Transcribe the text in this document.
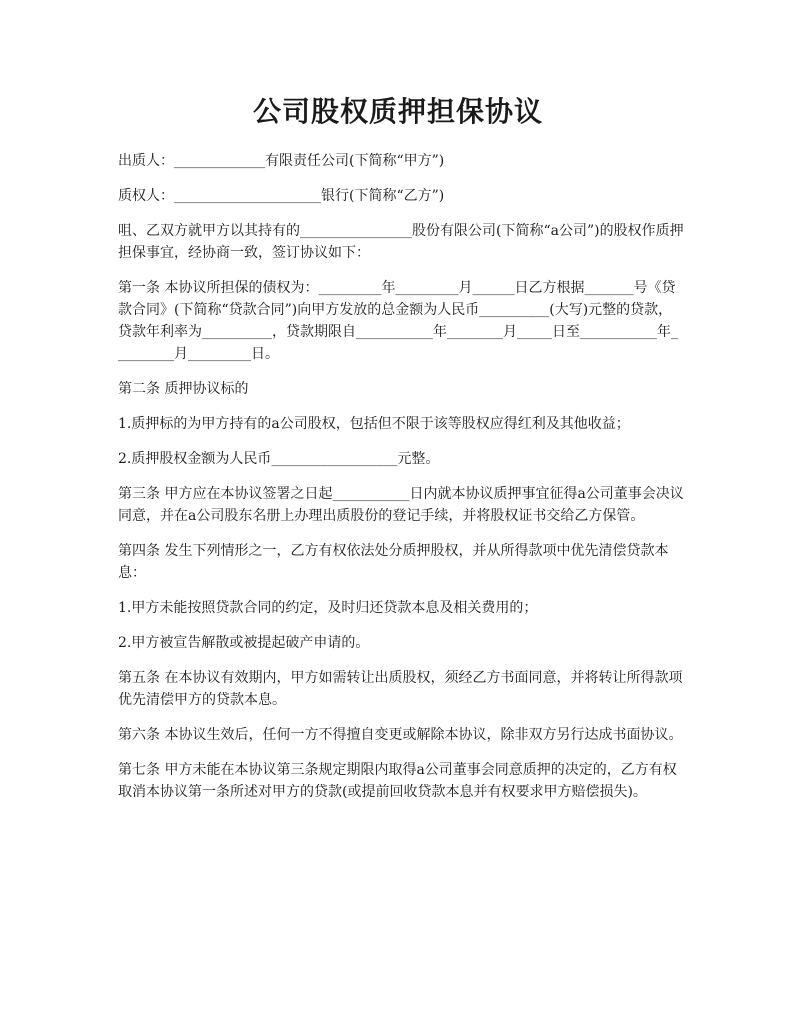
公司股权质押担保协议

出质人：_____________有限责任公司(下简称“甲方”)

质权人：_____________________银行(下简称“乙方”)

咀、乙双方就甲方以其持有的________________股份有限公司(下简称“a公司”)的股权作质押担保事宜，经协商一致，签订协议如下：

第一条 本协议所担保的债权为：_________年_________月______日乙方根据_______号《贷款合同》(下简称“贷款合同”)向甲方发放的总金额为人民币__________(大写)元整的贷款，贷款年利率为__________，贷款期限自___________年________月_____日至___________年_________月_________日。

第二条 质押协议标的

1.质押标的为甲方持有的a公司股权，包括但不限于该等股权应得红利及其他收益；

2.质押股权金额为人民币__________________元整。

第三条 甲方应在本协议签署之日起___________日内就本协议质押事宜征得a公司董事会决议同意，并在a公司股东名册上办理出质股份的登记手续，并将股权证书交给乙方保管。

第四条 发生下列情形之一，乙方有权依法处分质押股权，并从所得款项中优先清偿贷款本息：

1.甲方未能按照贷款合同的约定，及时归还贷款本息及相关费用的；

2.甲方被宣告解散或被提起破产申请的。

第五条 在本协议有效期内，甲方如需转让出质股权，须经乙方书面同意，并将转让所得款项优先清偿甲方的贷款本息。

第六条 本协议生效后，任何一方不得擅自变更或解除本协议，除非双方另行达成书面协议。

第七条 甲方未能在本协议第三条规定期限内取得a公司董事会同意质押的决定的，乙方有权取消本协议第一条所述对甲方的贷款(或提前回收贷款本息并有权要求甲方赔偿损失)。
